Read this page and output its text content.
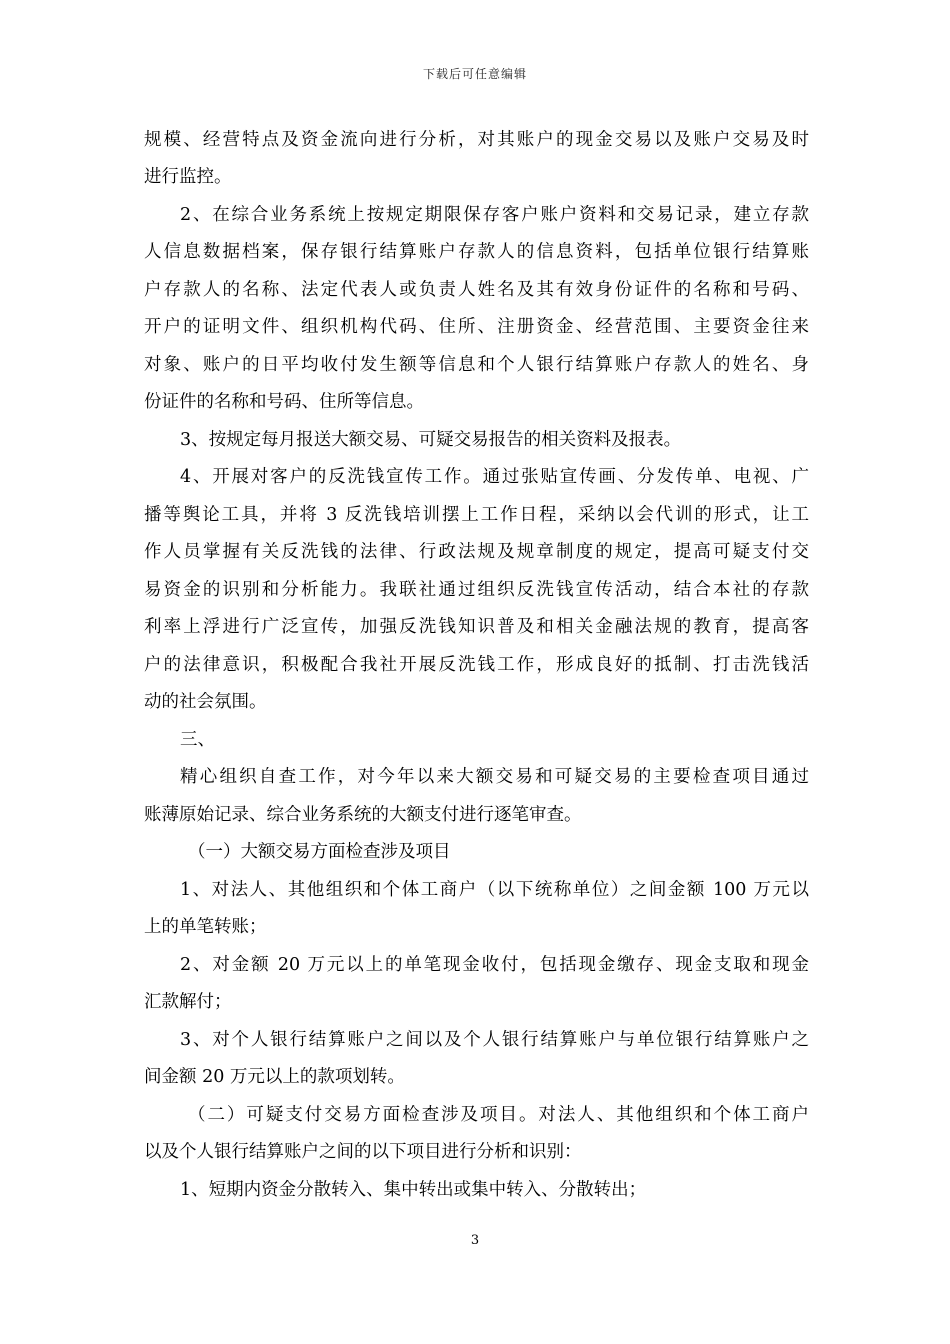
下载后可任意编辑
规模、经营特点及资金流向进行分析，对其账户的现金交易以及账户交易及时
进行监控。
2、在综合业务系统上按规定期限保存客户账户资料和交易记录，建立存款
人信息数据档案，保存银行结算账户存款人的信息资料，包括单位银行结算账
户存款人的名称、法定代表人或负责人姓名及其有效身份证件的名称和号码、
开户的证明文件、组织机构代码、住所、注册资金、经营范围、主要资金往来
对象、账户的日平均收付发生额等信息和个人银行结算账户存款人的姓名、身
份证件的名称和号码、住所等信息。
3、按规定每月报送大额交易、可疑交易报告的相关资料及报表。
4、开展对客户的反洗钱宣传工作。通过张贴宣传画、分发传单、电视、广
播等舆论工具，并将 3 反洗钱培训摆上工作日程，采纳以会代训的形式，让工
作人员掌握有关反洗钱的法律、行政法规及规章制度的规定，提高可疑支付交
易资金的识别和分析能力。我联社通过组织反洗钱宣传活动，结合本社的存款
利率上浮进行广泛宣传，加强反洗钱知识普及和相关金融法规的教育，提高客
户的法律意识，积极配合我社开展反洗钱工作，形成良好的抵制、打击洗钱活
动的社会氛围。
三、
精心组织自查工作，对今年以来大额交易和可疑交易的主要检查项目通过
账薄原始记录、综合业务系统的大额支付进行逐笔审查。
（一）大额交易方面检查涉及项目
1、对法人、其他组织和个体工商户（以下统称单位）之间金额 100 万元以
上的单笔转账；
2、对金额 20 万元以上的单笔现金收付，包括现金缴存、现金支取和现金
汇款解付；
3、对个人银行结算账户之间以及个人银行结算账户与单位银行结算账户之
间金额 20 万元以上的款项划转。
（二）可疑支付交易方面检查涉及项目。对法人、其他组织和个体工商户
以及个人银行结算账户之间的以下项目进行分析和识别：
1、短期内资金分散转入、集中转出或集中转入、分散转出；
3
